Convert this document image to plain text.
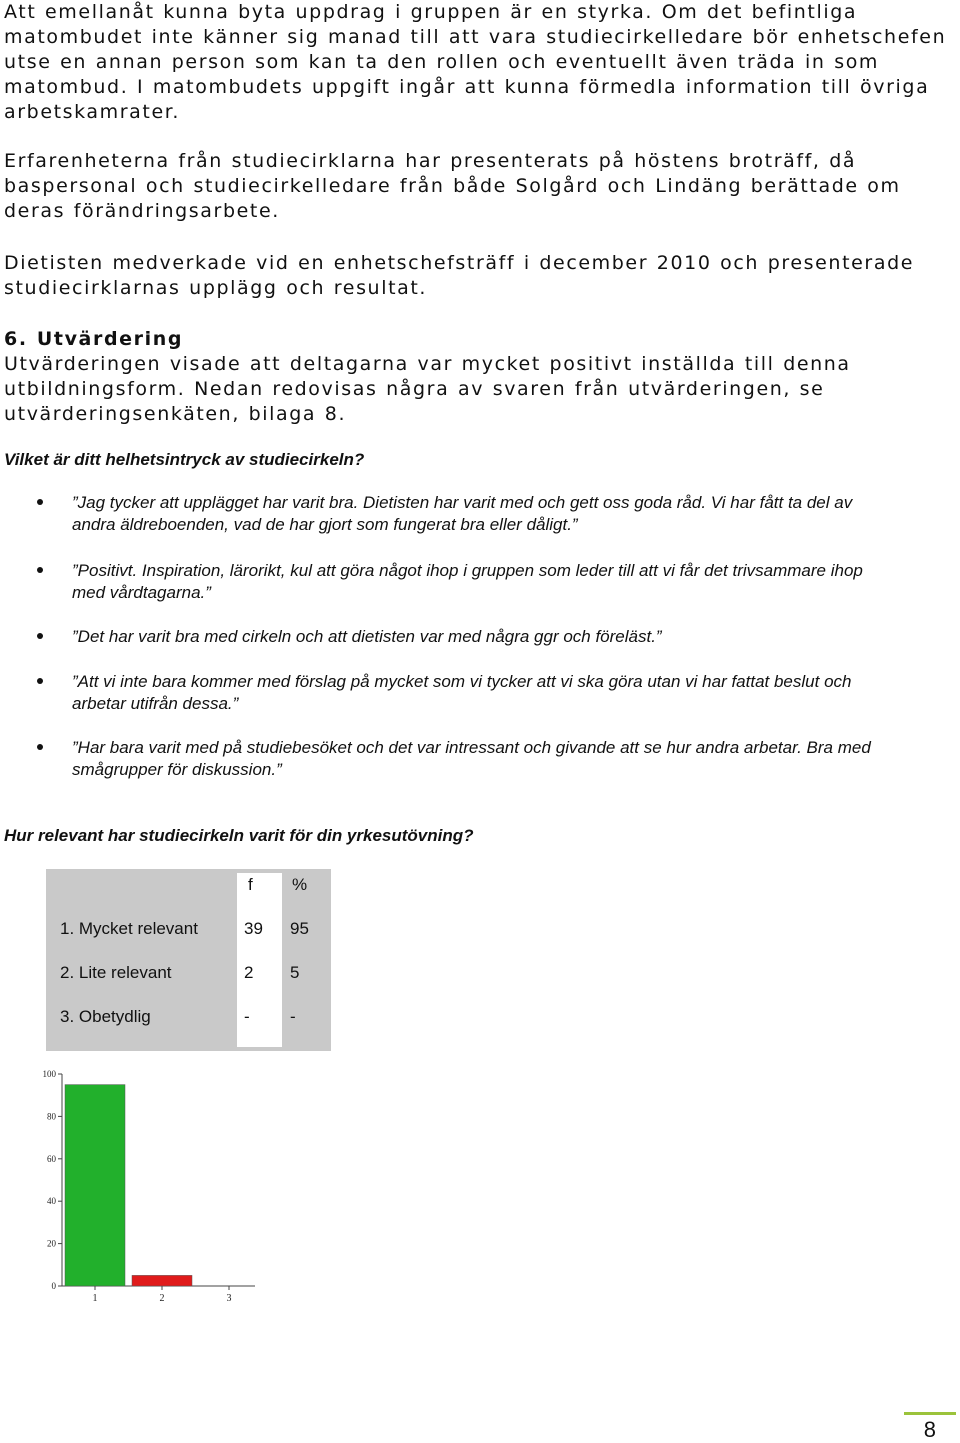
Att emellanåt kunna byta uppdrag i gruppen är en styrka. Om det befintliga matombudet inte känner sig manad till att vara studiecirkelledare bör enhetschefen utse en annan person som kan ta den rollen och eventuellt även träda in som matombud. I matombudets uppgift ingår att kunna förmedla information till övriga arbetskamrater.

Erfarenheterna från studiecirklarna har presenterats på höstens broträff, då baspersonal och studiecirkelledare från både Solgård och Lindäng berättade om deras förändringsarbete.

Dietisten medverkade vid en enhetschefsträff i december 2010 och presenterade studiecirklarnas upplägg och resultat.

6. Utvärdering

Utvärderingen visade att deltagarna var mycket positivt inställda till denna utbildningsform. Nedan redovisas några av svaren från utvärderingen, se utvärderingsenkäten, bilaga 8.

Vilket är ditt helhetsintryck av studiecirkeln?

”Jag tycker att upplägget har varit bra. Dietisten har varit med och gett oss goda råd. Vi har fått ta del av andra äldreboenden, vad de har gjort som fungerat bra eller dåligt.”
”Positivt. Inspiration, lärorikt, kul att göra något ihop i gruppen som leder till att vi får det trivsammare ihop med vårdtagarna.”
”Det har varit bra med cirkeln och att dietisten var med några ggr och föreläst.”
”Att vi inte bara kommer med förslag på mycket som vi tycker att vi ska göra utan vi har fattat beslut och arbetar utifrån dessa.”
”Har bara varit med på studiebesöket och det var intressant och givande att se hur andra arbetar. Bra med smågrupper för diskussion.”

Hur relevant har studiecirkeln varit för din yrkesutövning?

f %
1. Mycket relevant	39 95
2. Lite relevant	2 5
3. Obetydlig	- -
0
20
40
60
80
100
1	2	3
8
